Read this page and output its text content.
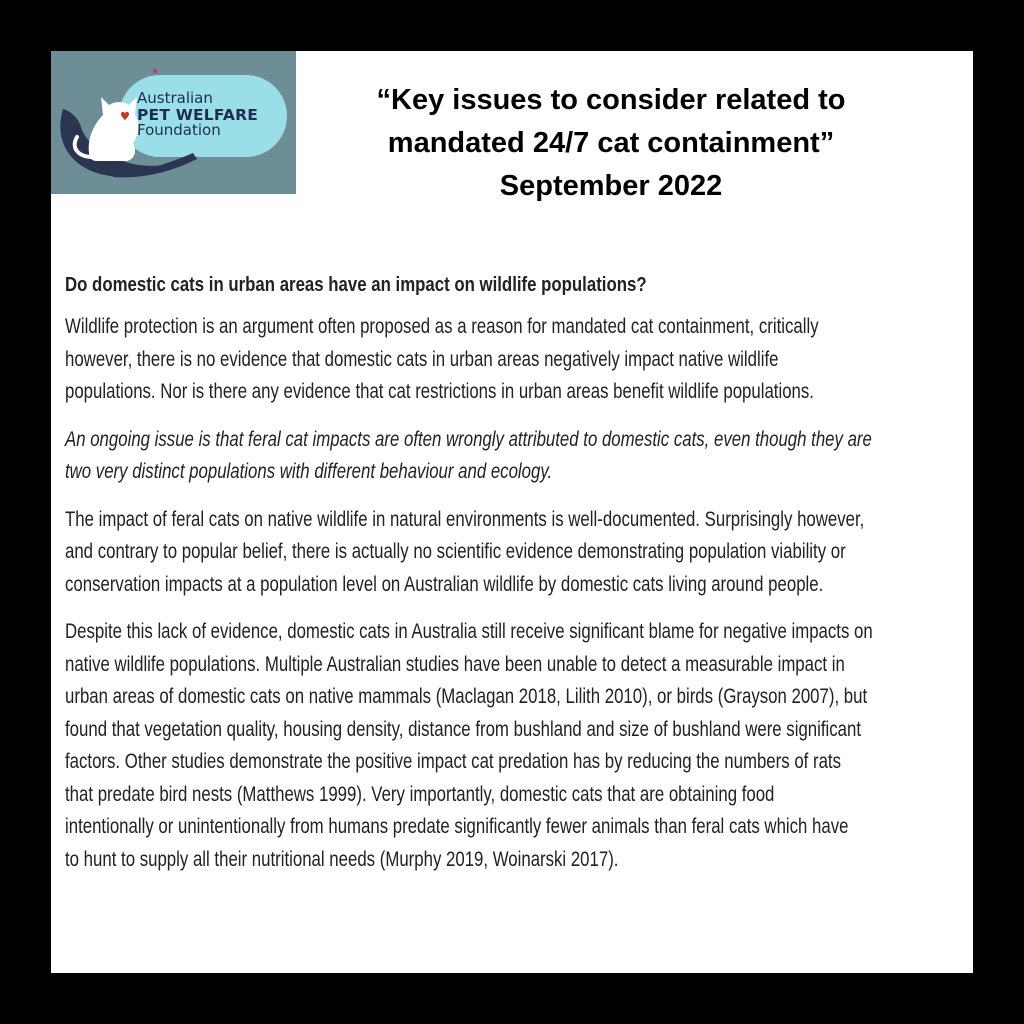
Australian
PET WELFARE
Foundation
“Key issues to consider related to
mandated 24/7 cat containment”
September 2022
Do domestic cats in urban areas have an impact on wildlife populations?
Wildlife protection is an argument often proposed as a reason for mandated cat containment, critically
however, there is no evidence that domestic cats in urban areas negatively impact native wildlife
populations. Nor is there any evidence that cat restrictions in urban areas benefit wildlife populations.
An ongoing issue is that feral cat impacts are often wrongly attributed to domestic cats, even though they are
two very distinct populations with different behaviour and ecology.
The impact of feral cats on native wildlife in natural environments is well-documented. Surprisingly however,
and contrary to popular belief, there is actually no scientific evidence demonstrating population viability or
conservation impacts at a population level on Australian wildlife by domestic cats living around people.
Despite this lack of evidence, domestic cats in Australia still receive significant blame for negative impacts on
native wildlife populations. Multiple Australian studies have been unable to detect a measurable impact in
urban areas of domestic cats on native mammals (Maclagan 2018, Lilith 2010), or birds (Grayson 2007), but
found that vegetation quality, housing density, distance from bushland and size of bushland were significant
factors. Other studies demonstrate the positive impact cat predation has by reducing the numbers of rats
that predate bird nests (Matthews 1999). Very importantly, domestic cats that are obtaining food
intentionally or unintentionally from humans predate significantly fewer animals than feral cats which have
to hunt to supply all their nutritional needs (Murphy 2019, Woinarski 2017).
